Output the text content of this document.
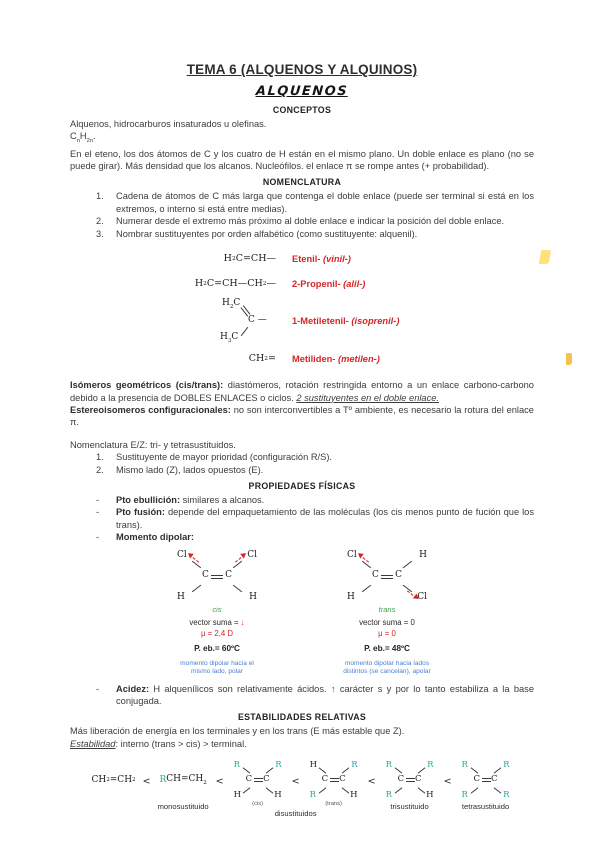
TEMA 6 (ALQUENOS Y ALQUINOS)
ALQUENOS
CONCEPTOS

Alquenos, hidrocarburos insaturados u olefinas.

$C_nH_{2n}$.

En el eteno, los dos átomos de C y los cuatro de H están en el mismo plano. Un doble enlace es plano (no se puede girar). Más densidad que los alcanos. Nucleófilos. el enlace π se rompe antes (+ probabilidad).

NOMENCLATURA
1.	Cadena de átomos de C más larga que contenga el doble enlace (puede ser terminal si está en los extremos, o interno si está entre medias).
2.	Numerar desde el extremo más próximo al doble enlace e indicar la posición del doble enlace.
3.	Nombrar sustituyentes por orden alfabético (como sustituyente: alquenil).
H 2 C=CH—	Etenil- (vinil-)
H 2 C=CH—CH 2 —	2-Propenil- (alil-)
$H_2C$
C —
$H_3C$
1-Metiletenil- (isoprenil-)
CH 2 =	Metiliden- (metilen-)

Isómeros geométricos (cis/trans): diastómeros, rotación restringida entorno a un enlace carbono-carbono debido a la presencia de DOBLES ENLACES o ciclos. 2 sustituyentes en el doble enlace.

Estereoisomeros configuracionales: no son interconvertibles a Tº ambiente, es necesario la rotura del enlace π.

Nomenclatura E/Z: tri- y tetrasustituidos.

1.	Sustituyente de mayor prioridad (configuración R/S).
2.	Mismo lado (Z), lados opuestos (E).
PROPIEDADES FÍSICAS
-	Pto ebullición: similares a alcanos.
-	Pto fusión: depende del empaquetamiento de las moléculas (los cis menos punto de fución que los trans).
-	Momento dipolar:
Cl	Cl
H	H
C C
cis
vector suma = ↓
μ = 2,4 D
P. eb.= 60ºC
momento dipolar hacia el
mismo lado, polar
Cl	H
H	Cl
C C
trans
vector suma = 0
μ = 0
P. eb.= 48ºC
momento dipolar hacia lados
distintos (se cancelan), apolar
-	Acidez: H alquenílicos son relativamente ácidos. ↑ carácter s y por lo tanto estabiliza a la base conjugada.
ESTABILIDADES RELATIVAS

Más liberación de energía en los terminales y en los trans (E más estable que Z).

Estabilidad: interno (trans > cis) > terminal.

CH 2 =CH 2 < R $CH=CH_2$
monosustituido
<
R	R
H	H
C C
(cis)
<
H	R
R	H
C C
(trans)
disustituidos
<
R	R
R	H
C C
trisustituido
<
R	R
R	R
C C
tetrasustituido
